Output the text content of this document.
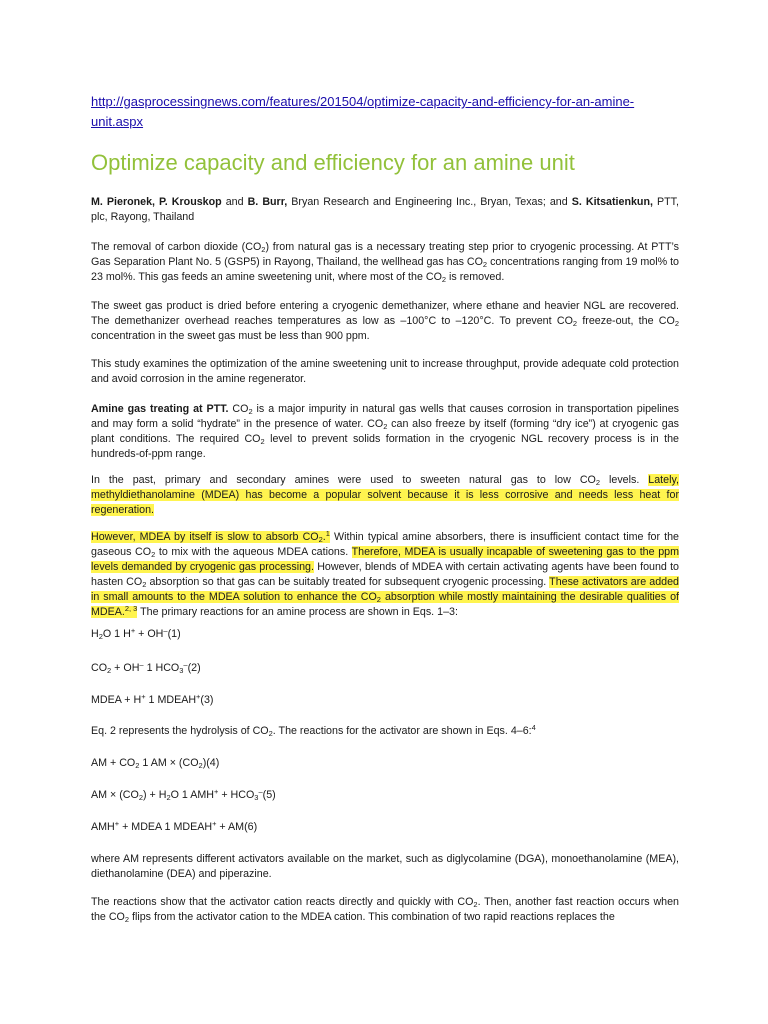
http://gasprocessingnews.com/features/201504/optimize-capacity-and-efficiency-for-an-amine-unit.aspx
Optimize capacity and efficiency for an amine unit

M. Pieronek, P. Krouskop and B. Burr, Bryan Research and Engineering Inc., Bryan, Texas; and S. Kitsatienkun, PTT, plc, Rayong, Thailand

The removal of carbon dioxide $(CO_2)$ from natural gas is a necessary treating step prior to cryogenic processing. At PTT’s Gas Separation Plant No. 5 (GSP5) in Rayong, Thailand, the wellhead gas has $CO_2$ concentrations ranging from 19 mol% to 23 mol%. This gas feeds an amine sweetening unit, where most of the $CO_2$ is removed.

The sweet gas product is dried before entering a cryogenic demethanizer, where ethane and heavier NGL are recovered. The demethanizer overhead reaches temperatures as low as –100°C to –120°C. To prevent $CO_2$ freeze-out, the $CO_2$ concentration in the sweet gas must be less than 900 ppm.

This study examines the optimization of the amine sweetening unit to increase throughput, provide adequate cold protection and avoid corrosion in the amine regenerator.

Amine gas treating at PTT. $CO_2$ is a major impurity in natural gas wells that causes corrosion in transportation pipelines and may form a solid “hydrate” in the presence of water. $CO_2$ can also freeze by itself (forming “dry ice”) at cryogenic gas plant conditions. The required $CO_2$ level to prevent solids formation in the cryogenic NGL recovery process is in the hundreds-of-ppm range.

In the past, primary and secondary amines were used to sweeten natural gas to low $CO_2$ levels. Lately, methyldiethanolamine (MDEA) has become a popular solvent because it is less corrosive and needs less heat for regeneration.

However, MDEA by itself is slow to absorb $CO_2.^1$ Within typical amine absorbers, there is insufficient contact time for the gaseous $CO_2$ to mix with the aqueous MDEA cations. Therefore, MDEA is usually incapable of sweetening gas to the ppm levels demanded by cryogenic gas processing. However, blends of MDEA with certain activating agents have been found to hasten $CO_2$ absorption so that gas can be suitably treated for subsequent cryogenic processing. These activators are added in small amounts to the MDEA solution to enhance the $CO_2$ absorption while mostly maintaining the desirable qualities of MDEA.$^{2, 3}$ The primary reactions for an amine process are shown in Eqs. 1–3:

$H_2O$ 1 H+ + OH–(1)

$CO_2 + OH^-$ 1 $HCO_3^-(2)$

MDEA + H+ 1 MDEAH+(3)

Eq. 2 represents the hydrolysis of $CO_2$. The reactions for the activator are shown in Eqs. 4–6:$^4$

AM + $CO_2$ 1 AM × $(CO_2)(4)$

AM × $(CO_2) + H_2O$ 1 $AMH^+ + HCO_3^-(5)$

AMH+ + MDEA 1 MDEAH+ + AM(6)

where AM represents different activators available on the market, such as diglycolamine (DGA), monoethanolamine (MEA), diethanolamine (DEA) and piperazine.

The reactions show that the activator cation reacts directly and quickly with $CO_2$. Then, another fast reaction occurs when the $CO_2$ flips from the activator cation to the MDEA cation. This combination of two rapid reactions replaces the
